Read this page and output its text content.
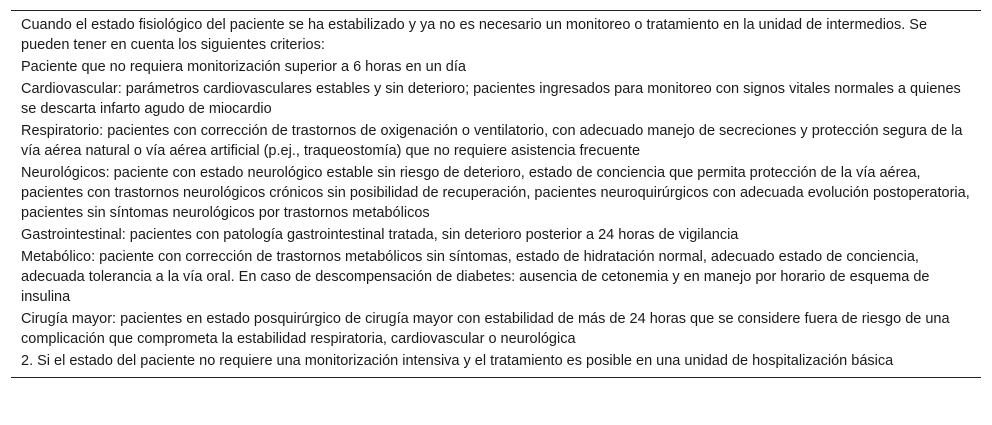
Cuando el estado fisiológico del paciente se ha estabilizado y ya no es necesario un monitoreo o tratamiento en la unidad de intermedios. Se pueden tener en cuenta los siguientes criterios:
Paciente que no requiera monitorización superior a 6 horas en un día
Cardiovascular: parámetros cardiovasculares estables y sin deterioro; pacientes ingresados para monitoreo con signos vitales normales a quienes se descarta infarto agudo de miocardio
Respiratorio: pacientes con corrección de trastornos de oxigenación o ventilatorio, con adecuado manejo de secreciones y protección segura de la vía aérea natural o vía aérea artificial (p.ej., traqueostomía) que no requiere asistencia frecuente
Neurológicos: paciente con estado neurológico estable sin riesgo de deterioro, estado de conciencia que permita protección de la vía aérea, pacientes con trastornos neurológicos crónicos sin posibilidad de recuperación, pacientes neuroquirúrgicos con adecuada evolución postoperatoria, pacientes sin síntomas neurológicos por trastornos metabólicos
Gastrointestinal: pacientes con patología gastrointestinal tratada, sin deterioro posterior a 24 horas de vigilancia
Metabólico: paciente con corrección de trastornos metabólicos sin síntomas, estado de hidratación normal, adecuado estado de conciencia, adecuada tolerancia a la vía oral. En caso de descompensación de diabetes: ausencia de cetonemia y en manejo por horario de esquema de insulina
Cirugía mayor: pacientes en estado posquirúrgico de cirugía mayor con estabilidad de más de 24 horas que se considere fuera de riesgo de una complicación que comprometa la estabilidad respiratoria, cardiovascular o neurológica
2. Si el estado del paciente no requiere una monitorización intensiva y el tratamiento es posible en una unidad de hospitalización básica
